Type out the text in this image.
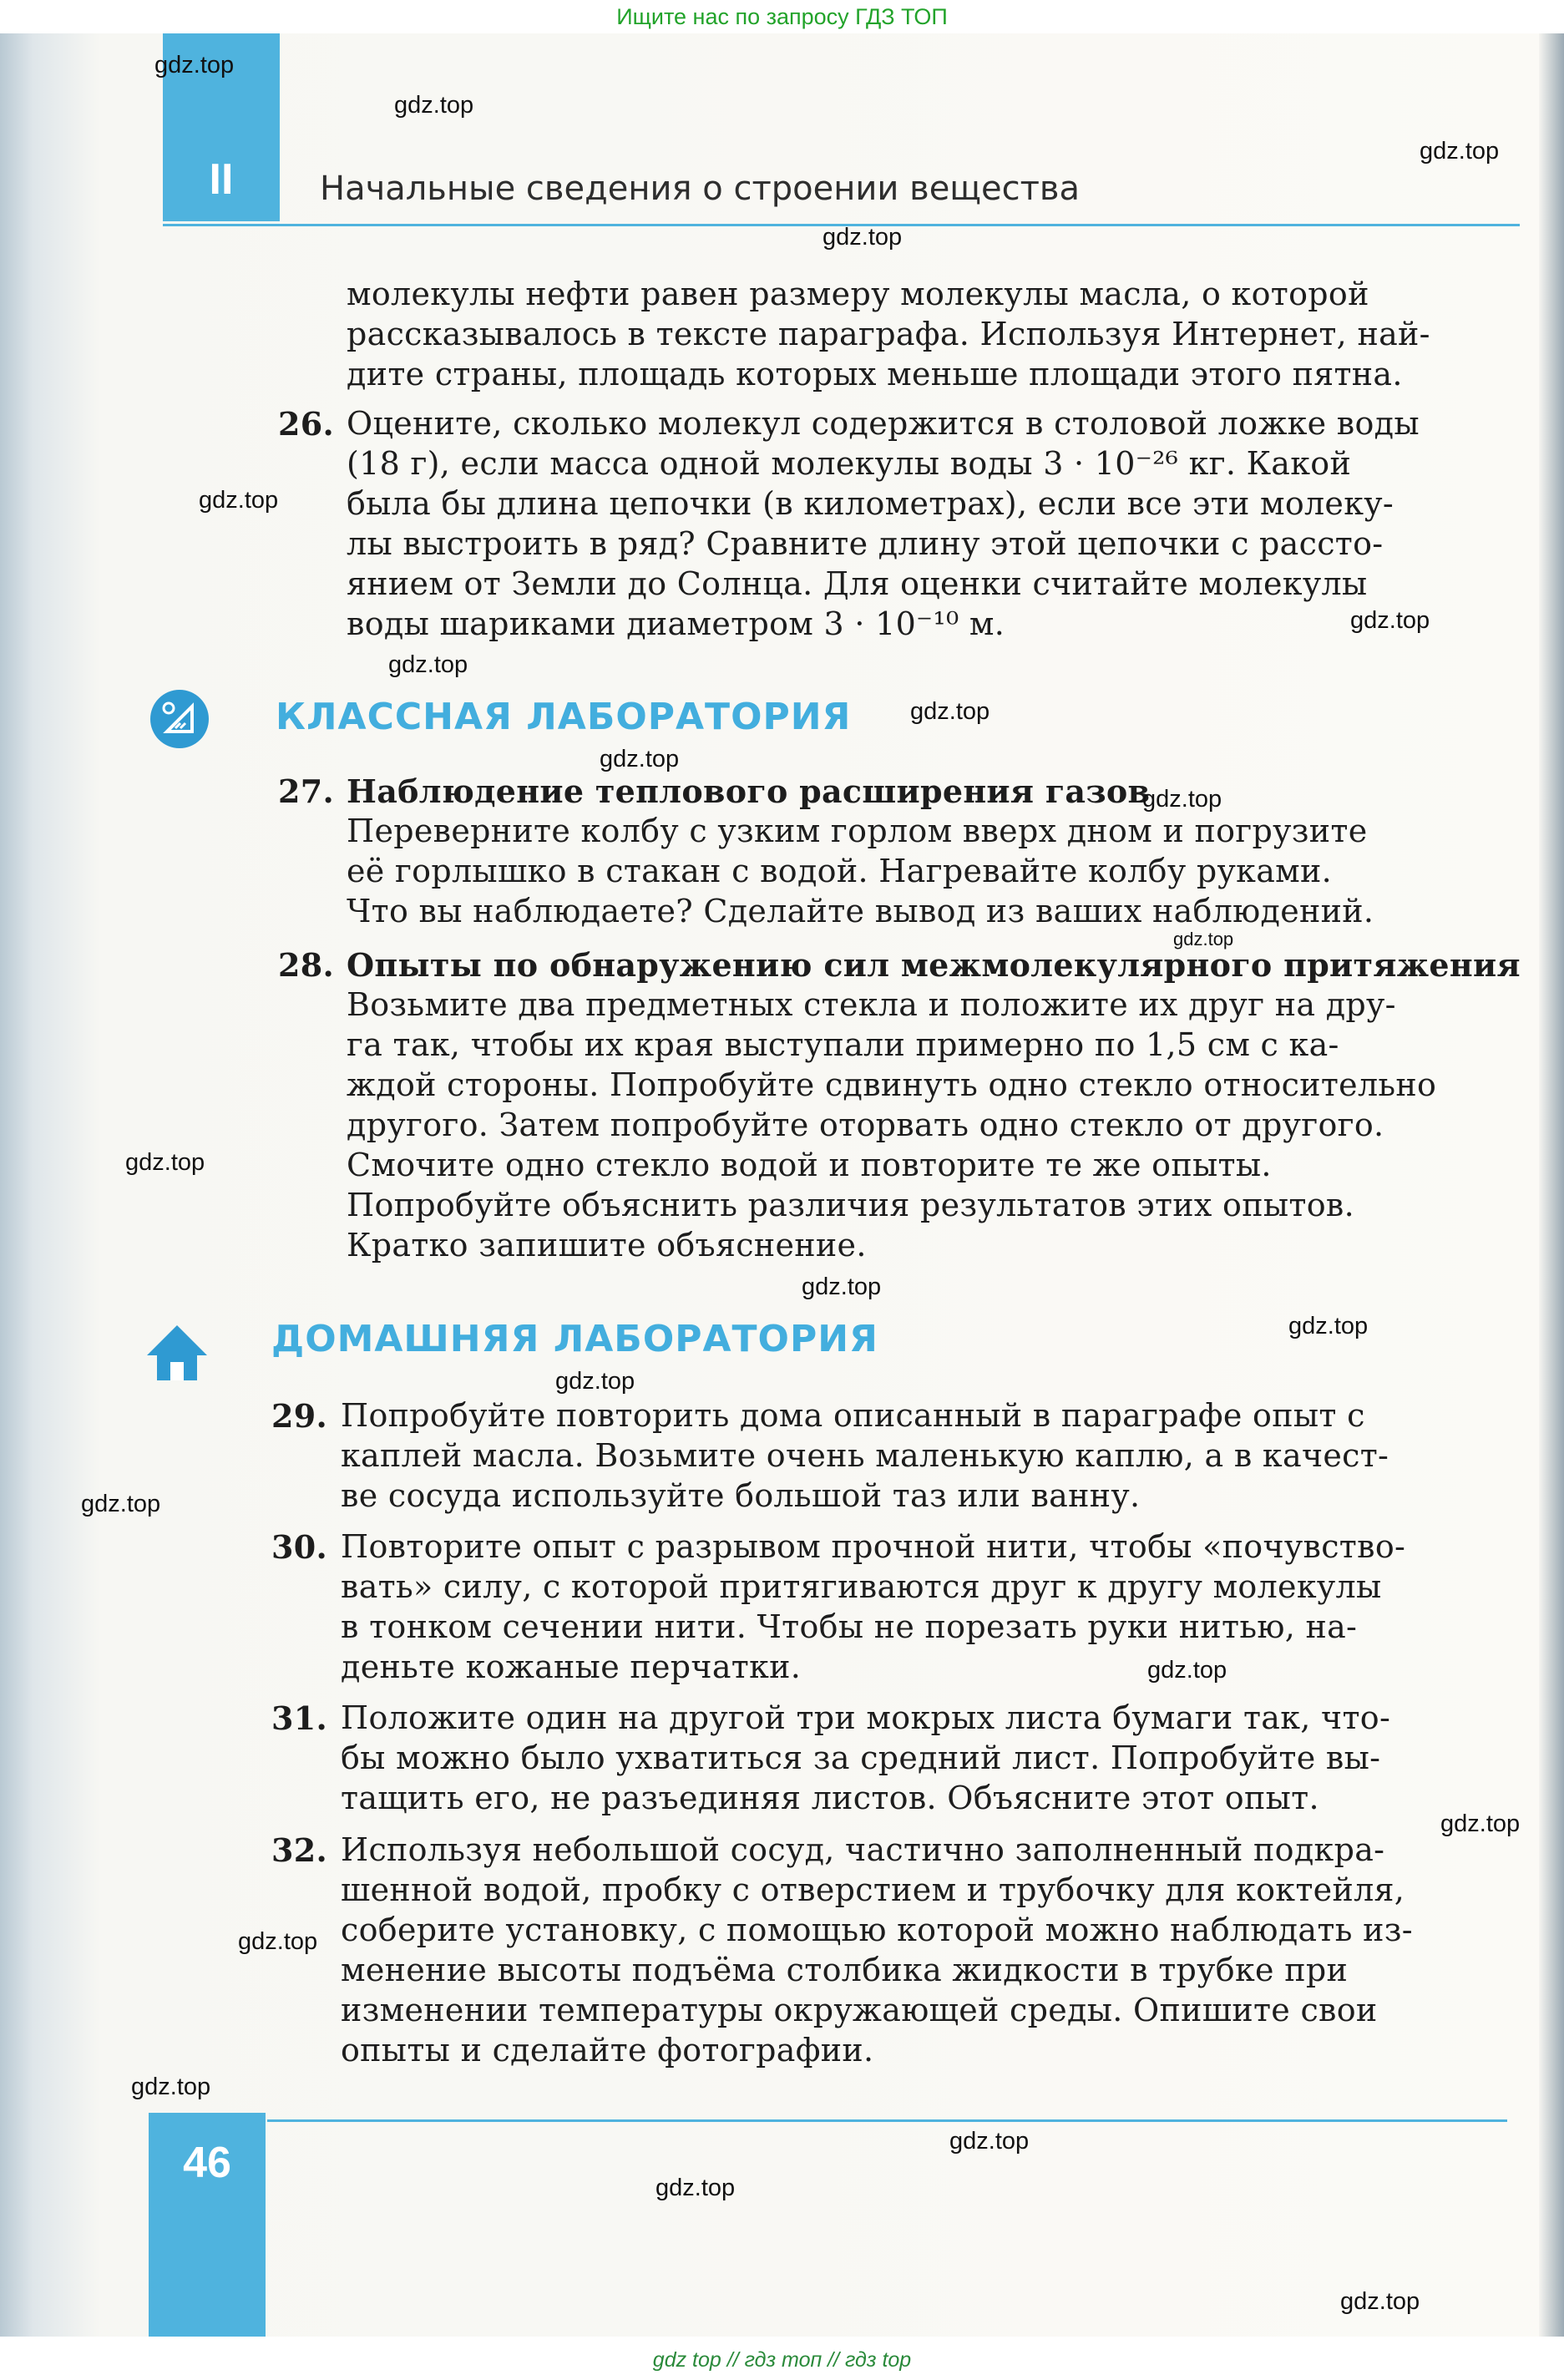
Ищите нас по запросу ГДЗ ТОП
II	Начальные сведения о строении вещества
молекулы нефти равен размеру молекулы масла, о которой
рассказывалось в тексте параграфа. Используя Интернет, най-
дите страны, площадь которых меньше площади этого пятна.
26. Оцените, сколько молекул содержится в столовой ложке воды
(18 г), если масса одной молекулы воды 3 · 10⁻²⁶ кг. Какой
была бы длина цепочки (в километрах), если все эти молеку-
лы выстроить в ряд? Сравните длину этой цепочки с рассто-
янием от Земли до Солнца. Для оценки считайте молекулы
воды шариками диаметром 3 · 10⁻¹⁰ м.
КЛАССНАЯ ЛАБОРАТОРИЯ
27. Наблюдение теплового расширения газов
Переверните колбу с узким горлом вверх дном и погрузите
её горлышко в стакан с водой. Нагревайте колбу руками.
Что вы наблюдаете? Сделайте вывод из ваших наблюдений.
28. Опыты по обнаружению сил межмолекулярного притяжения
Возьмите два предметных стекла и положите их друг на дру-
га так, чтобы их края выступали примерно по 1,5 см с ка-
ждой стороны. Попробуйте сдвинуть одно стекло относительно
другого. Затем попробуйте оторвать одно стекло от другого.
Смочите одно стекло водой и повторите те же опыты.
Попробуйте объяснить различия результатов этих опытов.
Кратко запишите объяснение.
ДОМАШНЯЯ ЛАБОРАТОРИЯ
29. Попробуйте повторить дома описанный в параграфе опыт с
каплей масла. Возьмите очень маленькую каплю, а в качест-
ве сосуда используйте большой таз или ванну.
30. Повторите опыт с разрывом прочной нити, чтобы «почувство-
вать» силу, с которой притягиваются друг к другу молекулы
в тонком сечении нити. Чтобы не порезать руки нитью, на-
деньте кожаные перчатки.
31. Положите один на другой три мокрых листа бумаги так, что-
бы можно было ухватиться за средний лист. Попробуйте вы-
тащить его, не разъединяя листов. Объясните этот опыт.
32. Используя небольшой сосуд, частично заполненный подкра-
шенной водой, пробку с отверстием и трубочку для коктейля,
соберите установку, с помощью которой можно наблюдать из-
менение высоты подъёма столбика жидкости в трубке при
изменении температуры окружающей среды. Опишите свои
опыты и сделайте фотографии.
46
gdz.top
gdz.top
gdz.top
gdz.top
gdz.top
gdz.top
gdz.top
gdz.top
gdz.top
gdz.top
gdz.top
gdz.top
gdz.top
gdz.top
gdz.top
gdz.top
gdz.top
gdz.top
gdz.top
gdz.top
gdz.top
gdz.top
gdz.top
gdz top // гдз топ // гдз top
